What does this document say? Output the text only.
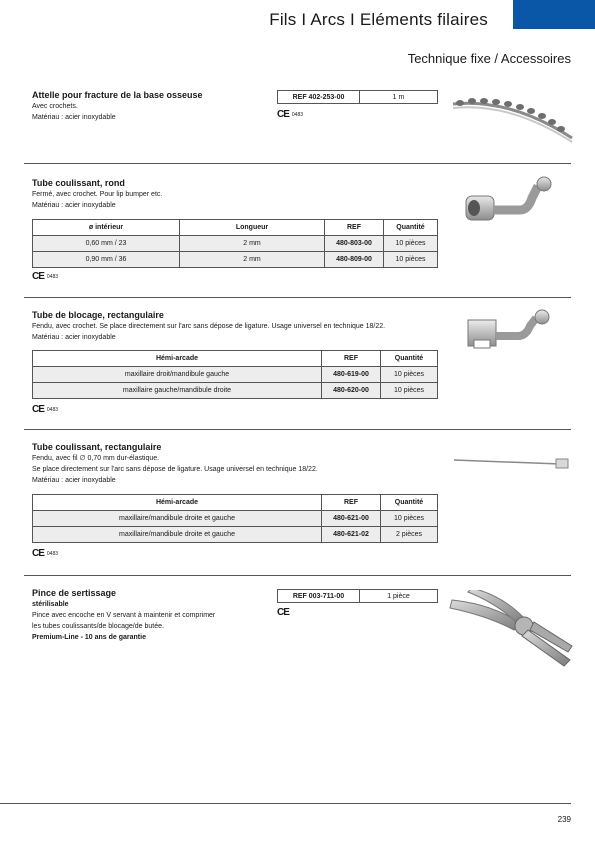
Fils I Arcs I Eléments filaires
Technique fixe / Accessoires
Attelle pour fracture de la base osseuse
Avec crochets.
Matériau : acier inoxydable
REF 402-253-00	1 m
CE 0483
Tube coulissant, rond
Fermé, avec crochet. Pour lip bumper etc.
Matériau : acier inoxydable
ø intérieur	Longueur	REF	Quantité
0,60 mm / 23	2 mm	480-803-00	10 pièces
0,90 mm / 36	2 mm	480-809-00	10 pièces
CE 0483
Tube de blocage, rectangulaire
Fendu, avec crochet. Se place directement sur l'arc sans dépose de ligature. Usage universel en technique 18/22.
Matériau : acier inoxydable
Hémi-arcade	REF	Quantité
maxillaire droit/mandibule gauche	480-619-00	10 pièces
maxillaire gauche/mandibule droite	480-620-00	10 pièces
CE 0483
Tube coulissant, rectangulaire
Fendu, avec fil ∅ 0,70 mm dur-élastique.
Se place directement sur l'arc sans dépose de ligature. Usage universel en technique 18/22.
Matériau : acier inoxydable
Hémi-arcade	REF	Quantité
maxillaire/mandibule droite et gauche	480-621-00	10 pièces
maxillaire/mandibule droite et gauche	480-621-02	2 pièces
CE 0483
Pince de sertissage
stérilisable
Pince avec encoche en V servant à maintenir et comprimer
les tubes coulissants/de blocage/de butée.
Premium-Line - 10 ans de garantie
REF 003-711-00	1 pièce
CE
239
